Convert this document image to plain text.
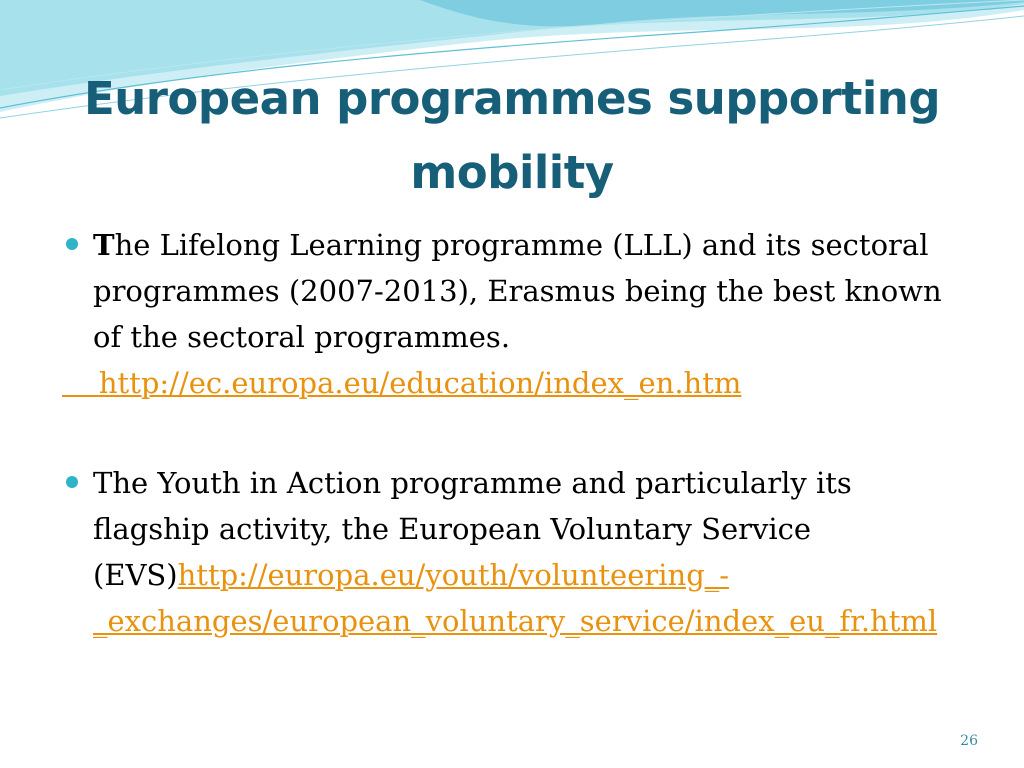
European programmes supporting mobility
The Lifelong Learning programme (LLL) and its sectoral programmes (2007-2013), Erasmus being the best known of the sectoral programmes.
http://ec.europa.eu/education/index_en.htm
The Youth in Action programme and particularly its flagship activity, the European Voluntary Service (EVS)http://europa.eu/youth/volunteering_-_exchanges/european_voluntary_service/index_eu_fr.html
26
